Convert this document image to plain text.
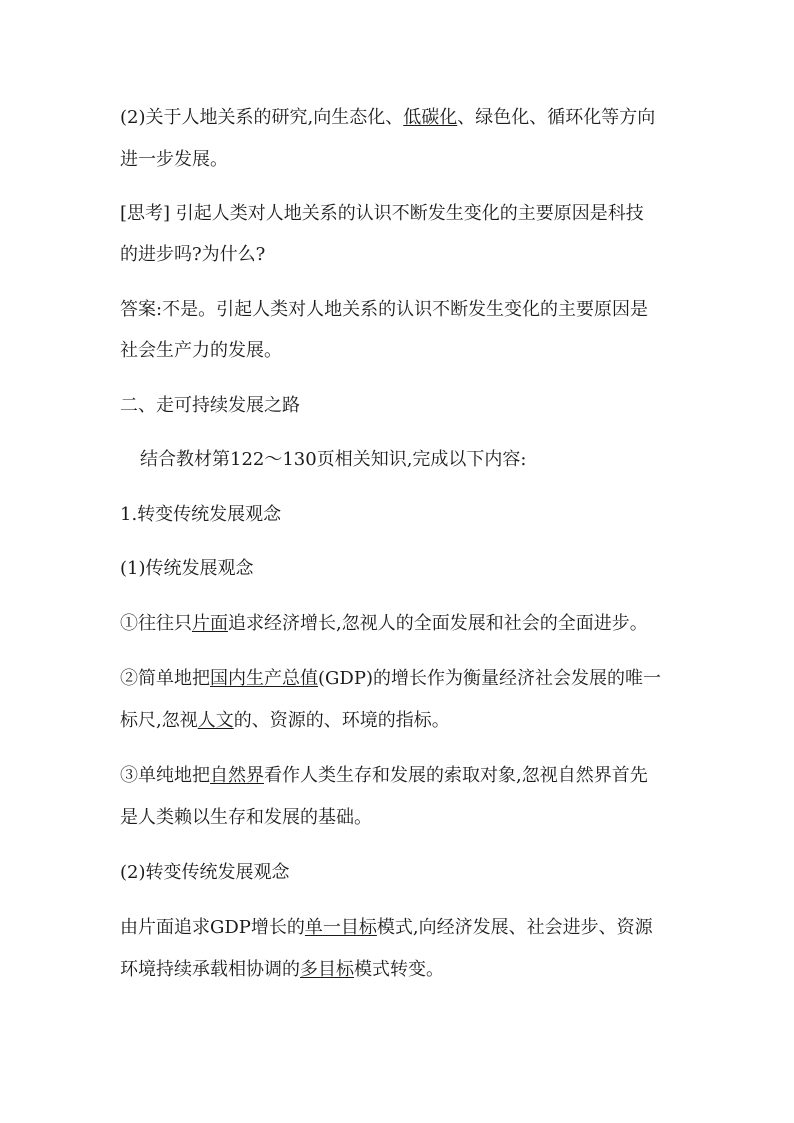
(2)关于人地关系的研究,向生态化、低碳化、绿色化、循环化等方向
进一步发展。
[思考] 引起人类对人地关系的认识不断发生变化的主要原因是科技
的进步吗?为什么?
答案:不是。引起人类对人地关系的认识不断发生变化的主要原因是
社会生产力的发展。
二、走可持续发展之路
结合教材第122～130页相关知识,完成以下内容:
1.转变传统发展观念
(1)传统发展观念
①往往只片面追求经济增长,忽视人的全面发展和社会的全面进步。
②简单地把国内生产总值(GDP)的增长作为衡量经济社会发展的唯一
标尺,忽视人文的、资源的、环境的指标。
③单纯地把自然界看作人类生存和发展的索取对象,忽视自然界首先
是人类赖以生存和发展的基础。
(2)转变传统发展观念
由片面追求GDP增长的单一目标模式,向经济发展、社会进步、资源
环境持续承载相协调的多目标模式转变。
